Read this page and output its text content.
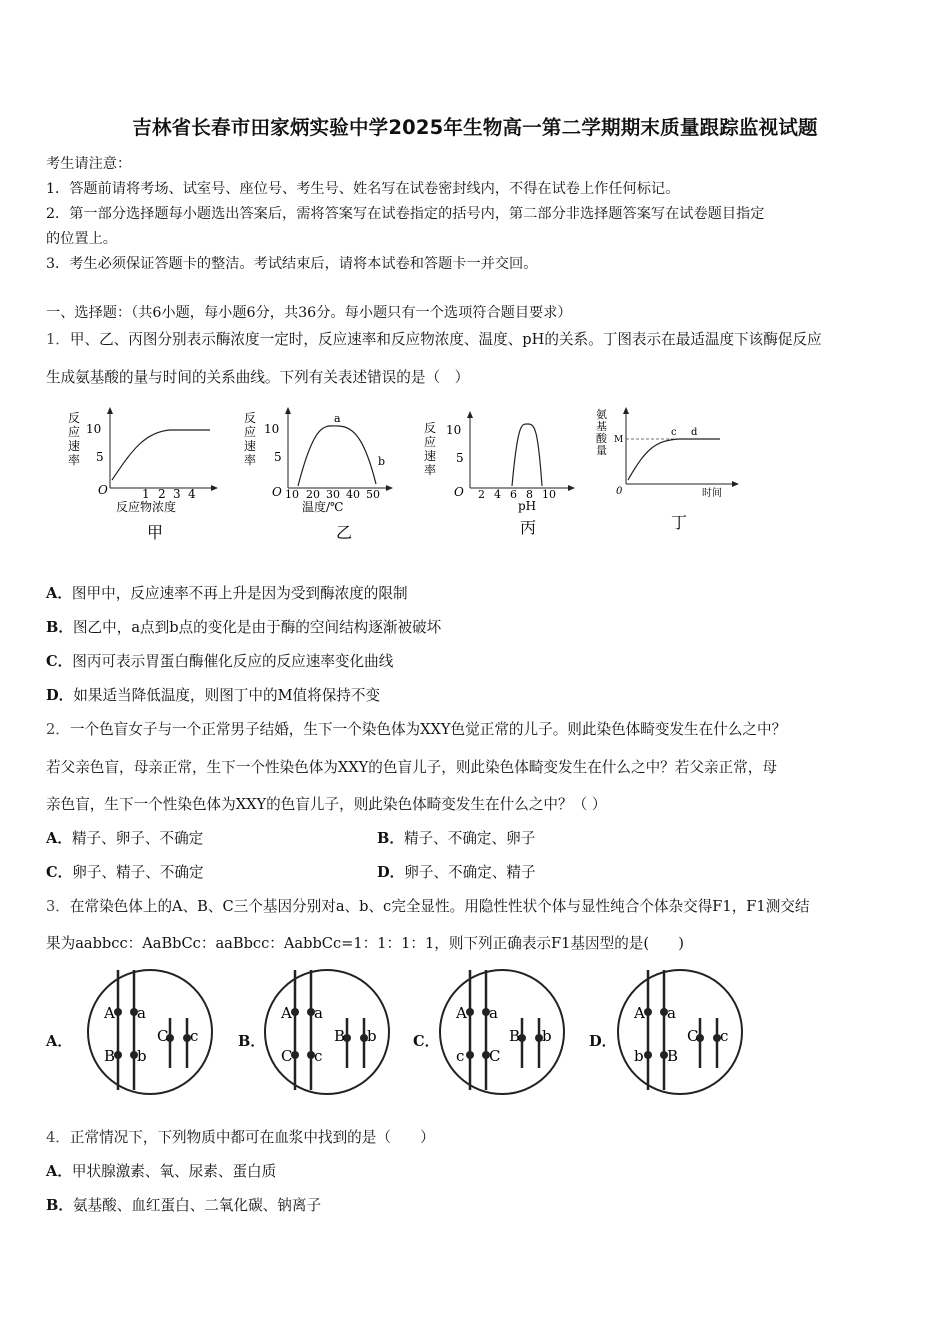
吉林省长春市田家炳实验中学2025年生物高一第二学期期末质量跟踪监视试题
考生请注意：
1．答题前请将考场、试室号、座位号、考生号、姓名写在试卷密封线内，不得在试卷上作任何标记。
2．第一部分选择题每小题选出答案后，需将答案写在试卷指定的括号内，第二部分非选择题答案写在试卷题目指定
的位置上。
3．考生必须保证答题卡的整洁。考试结束后，请将本试卷和答题卡一并交回。
一、选择题：（共6小题，每小题6分，共36分。每小题只有一个选项符合题目要求）
1．甲、乙、丙图分别表示酶浓度一定时，反应速率和反应物浓度、温度、pH的关系。丁图表示在最适温度下该酶促反应
生成氨基酸的量与时间的关系曲线。下列有关表述错误的是（　）
反
应
速
率
10
5
O	1 2 3 4
反应物浓度
甲
反
应
速
率
10
5
O 10 20 30 40 50
a
b
温度/℃
乙
反
应
速
率
10
5
O 2 4 6 8 10
pH
丙
氨
基
酸
量
M
c d
0	时间
丁
A．图甲中，反应速率不再上升是因为受到酶浓度的限制
B．图乙中，a点到b点的变化是由于酶的空间结构逐渐被破坏
C．图丙可表示胃蛋白酶催化反应的反应速率变化曲线
D．如果适当降低温度，则图丁中的M值将保持不变
2．一个色盲女子与一个正常男子结婚，生下一个染色体为XXY色觉正常的儿子。则此染色体畸变发生在什么之中？
若父亲色盲，母亲正常，生下一个性染色体为XXY的色盲儿子，则此染色体畸变发生在什么之中？若父亲正常，母
亲色盲，生下一个性染色体为XXY的色盲儿子，则此染色体畸变发生在什么之中？（ ）
A．精子、卵子、不确定	B．精子、不确定、卵子
C．卵子、精子、不确定	D．卵子、不确定、精子
3．在常染色体上的A、B、C三个基因分别对a、b、c完全显性。用隐性性状个体与显性纯合个体杂交得F1，F1测交结
果为aabbcc：AaBbCc：aaBbcc：AabbCc=1：1：1：1，则下列正确表示F1基因型的是(　　)
A．	B．	C．	D．
A a
B b
C c
A a
C c
B b
A a
c C
B b
A a
b B
C c
4．正常情况下，下列物质中都可在血浆中找到的是（　　）
A．甲状腺激素、氧、尿素、蛋白质
B．氨基酸、血红蛋白、二氧化碳、钠离子
